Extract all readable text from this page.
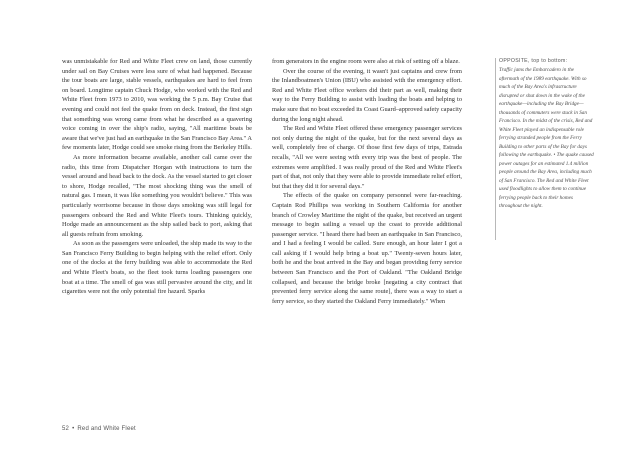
was unmistakable for Red and White Fleet crew on land, those currently under sail on Bay Cruises were less sure of what had happened. Because the tour boats are large, stable vessels, earthquakes are hard to feel from on board. Longtime captain Chuck Hodge, who worked with the Red and White Fleet from 1973 to 2010, was working the 5 p.m. Bay Cruise that evening and could not feel the quake from on deck. Instead, the first sign that something was wrong came from what he described as a quavering voice coming in over the ship's radio, saying, "All maritime boats be aware that we've just had an earthquake in the San Francisco Bay Area." A few moments later, Hodge could see smoke rising from the Berkeley Hills.

As more information became available, another call came over the radio, this time from Dispatcher Horgan with instructions to turn the vessel around and head back to the dock. As the vessel started to get closer to shore, Hodge recalled, "The most shocking thing was the smell of natural gas. I mean, it was like something you wouldn't believe." This was particularly worrisome because in those days smoking was still legal for passengers onboard the Red and White Fleet's tours. Thinking quickly, Hodge made an announcement as the ship sailed back to port, asking that all guests refrain from smoking.

As soon as the passengers were unloaded, the ship made its way to the San Francisco Ferry Building to begin helping with the relief effort. Only one of the docks at the ferry building was able to accommodate the Red and White Fleet's boats, so the fleet took turns loading passengers one boat at a time. The smell of gas was still pervasive around the city, and lit cigarettes were not the only potential fire hazard. Sparks

from generators in the engine room were also at risk of setting off a blaze.

Over the course of the evening, it wasn't just captains and crew from the Inlandboatmen's Union (IBU) who assisted with the emergency effort. Red and White Fleet office workers did their part as well, making their way to the Ferry Building to assist with loading the boats and helping to make sure that no boat exceeded its Coast Guard–approved safety capacity during the long night ahead.

The Red and White Fleet offered these emergency passenger services not only during the night of the quake, but for the next several days as well, completely free of charge. Of those first few days of trips, Estrada recalls, "All we were seeing with every trip was the best of people. The extremes were amplified. I was really proud of the Red and White Fleet's part of that, not only that they were able to provide immediate relief effort, but that they did it for several days."

The effects of the quake on company personnel were far-reaching. Captain Rod Phillips was working in Southern California for another branch of Crowley Maritime the night of the quake, but received an urgent message to begin sailing a vessel up the coast to provide additional passenger service. "I heard there had been an earthquake in San Francisco, and I had a feeling I would be called. Sure enough, an hour later I got a call asking if I would help bring a boat up." Twenty-seven hours later, both he and the boat arrived in the Bay and began providing ferry service between San Francisco and the Port of Oakland. "The Oakland Bridge collapsed, and because the bridge broke [negating a city contract that prevented ferry service along the same route], there was a way to start a ferry service, so they started the Oakland Ferry immediately." When

OPPOSITE, top to bottom:
Traffic jams the Embarcadero in the aftermath of the 1989 earthquake. With so much of the Bay Area's infrastructure disrupted or shut down in the wake of the earthquake—including the Bay Bridge—thousands of commuters were stuck in San Francisco. In the midst of the crisis, Red and White Fleet played an indispensable role ferrying stranded people from the Ferry Building to other parts of the Bay for days following the earthquake. • The quake caused power outages for an estimated 1.4 million people around the Bay Area, including much of San Francisco. The Red and White Fleet used floodlights to allow them to continue ferrying people back to their homes throughout the night.
52 • Red and White Fleet
